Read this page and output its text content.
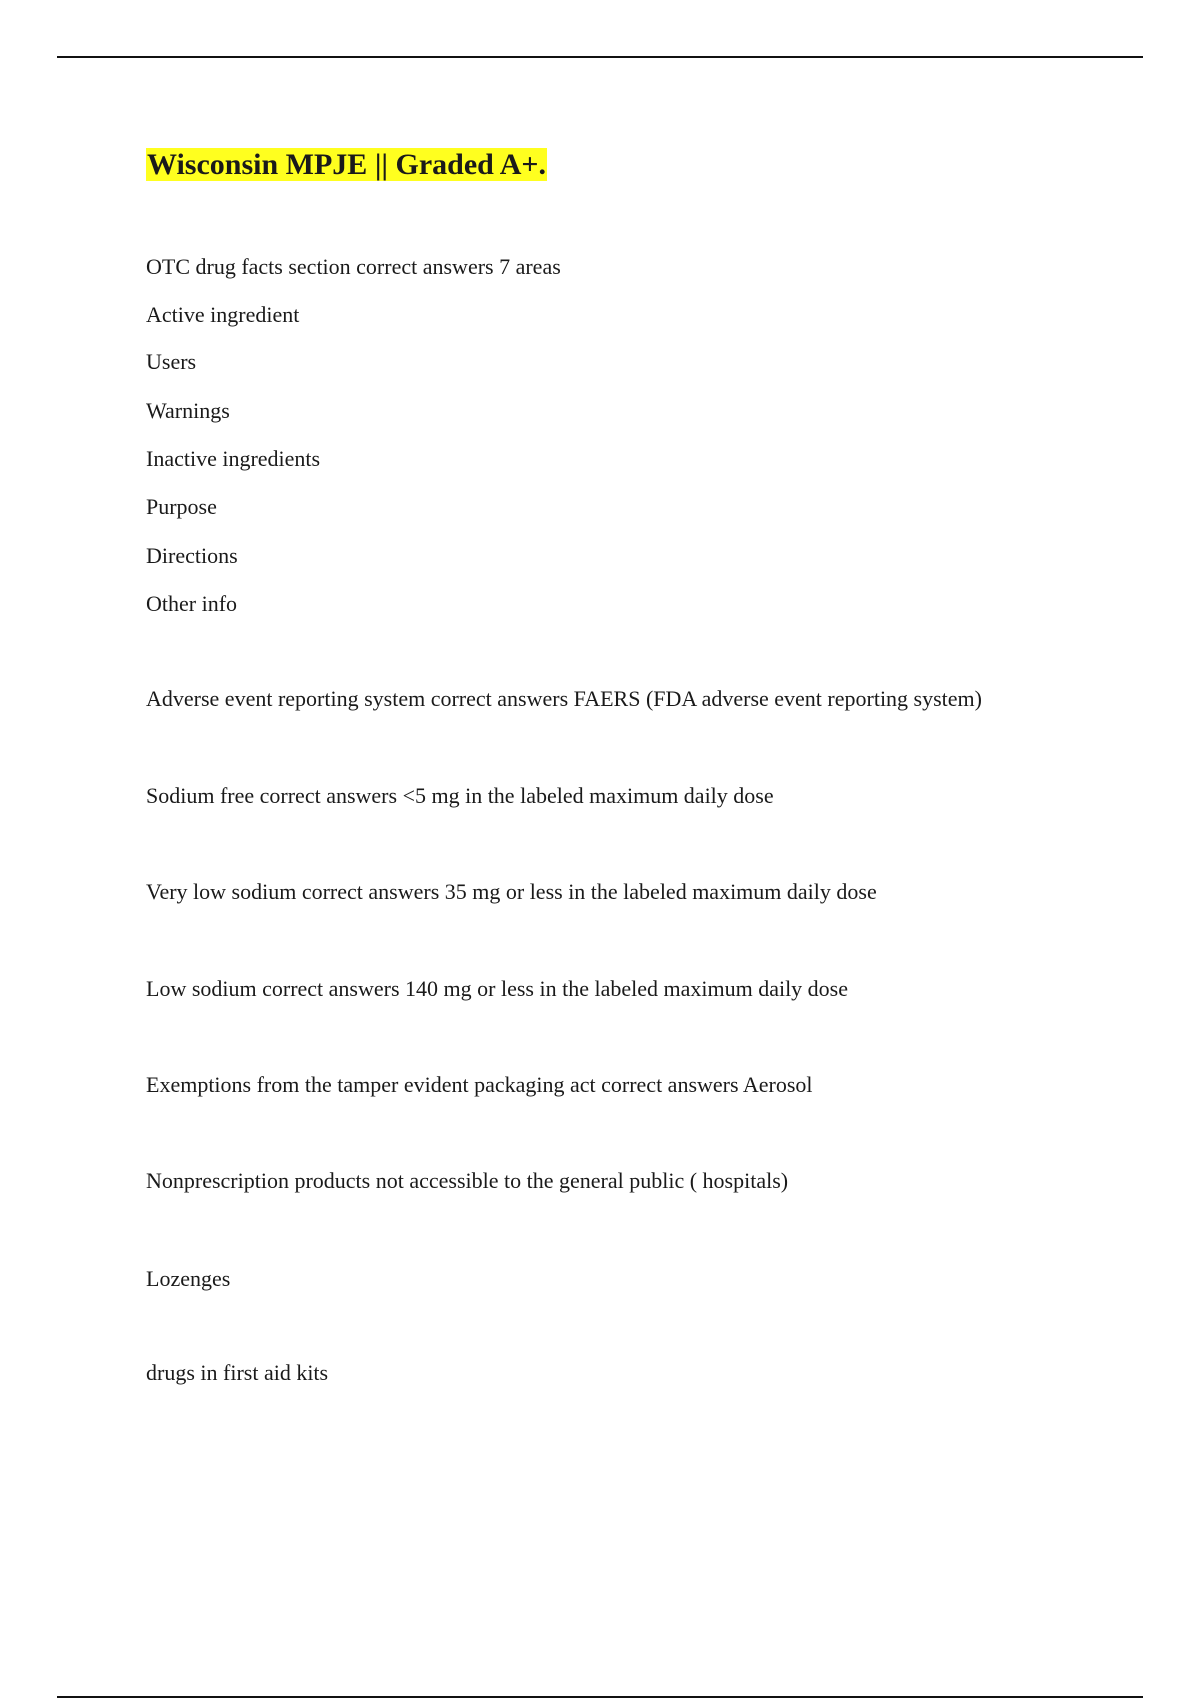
Wisconsin MPJE || Graded A+.

OTC drug facts section correct answers 7 areas

Active ingredient

Users

Warnings

Inactive ingredients

Purpose

Directions

Other info

Adverse event reporting system correct answers FAERS (FDA adverse event reporting system)

Sodium free correct answers <5 mg in the labeled maximum daily dose

Very low sodium correct answers 35 mg or less in the labeled maximum daily dose

Low sodium correct answers 140 mg or less in the labeled maximum daily dose

Exemptions from the tamper evident packaging act correct answers Aerosol

Nonprescription products not accessible to the general public ( hospitals)

Lozenges

drugs in first aid kits
